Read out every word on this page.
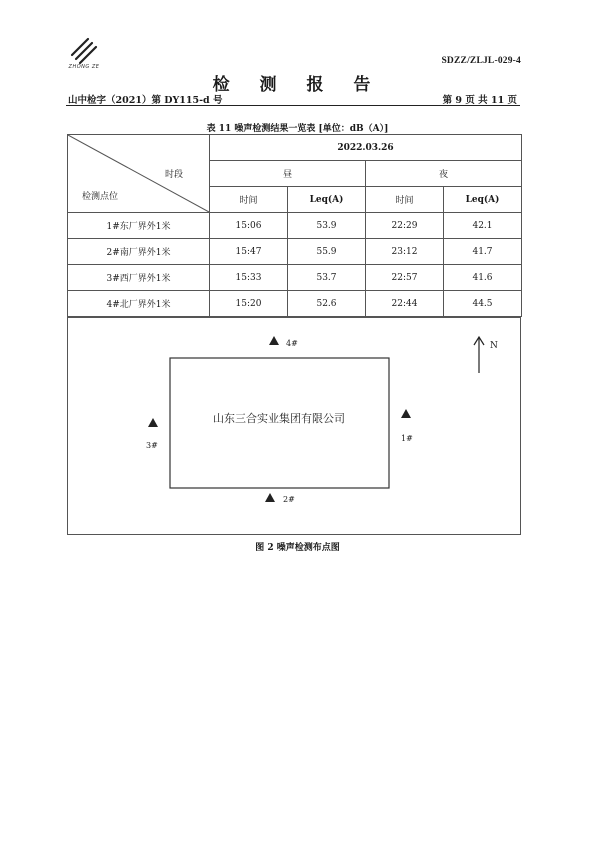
ZHONG ZE
SDZZ/ZLJL-029-4
检 测 报 告
山中检字（2021）第 DY115-d 号	第 9 页 共 11 页
表 11 噪声检测结果一览表 [单位：dB（A）]
时段
检测点位	2022.03.26			
	昼		夜	
	时间	Leq(A)	时间	Leq(A)
1#东厂界外1米	15:06	53.9	22:29	42.1
2#南厂界外1米	15:47	55.9	23:12	41.7
3#西厂界外1米	15:33	53.7	22:57	41.6
4#北厂界外1米	15:20	52.6	22:44	44.5
山东三合实业集团有限公司
4#
2#
3#
1#
N
图 2 噪声检测布点图
